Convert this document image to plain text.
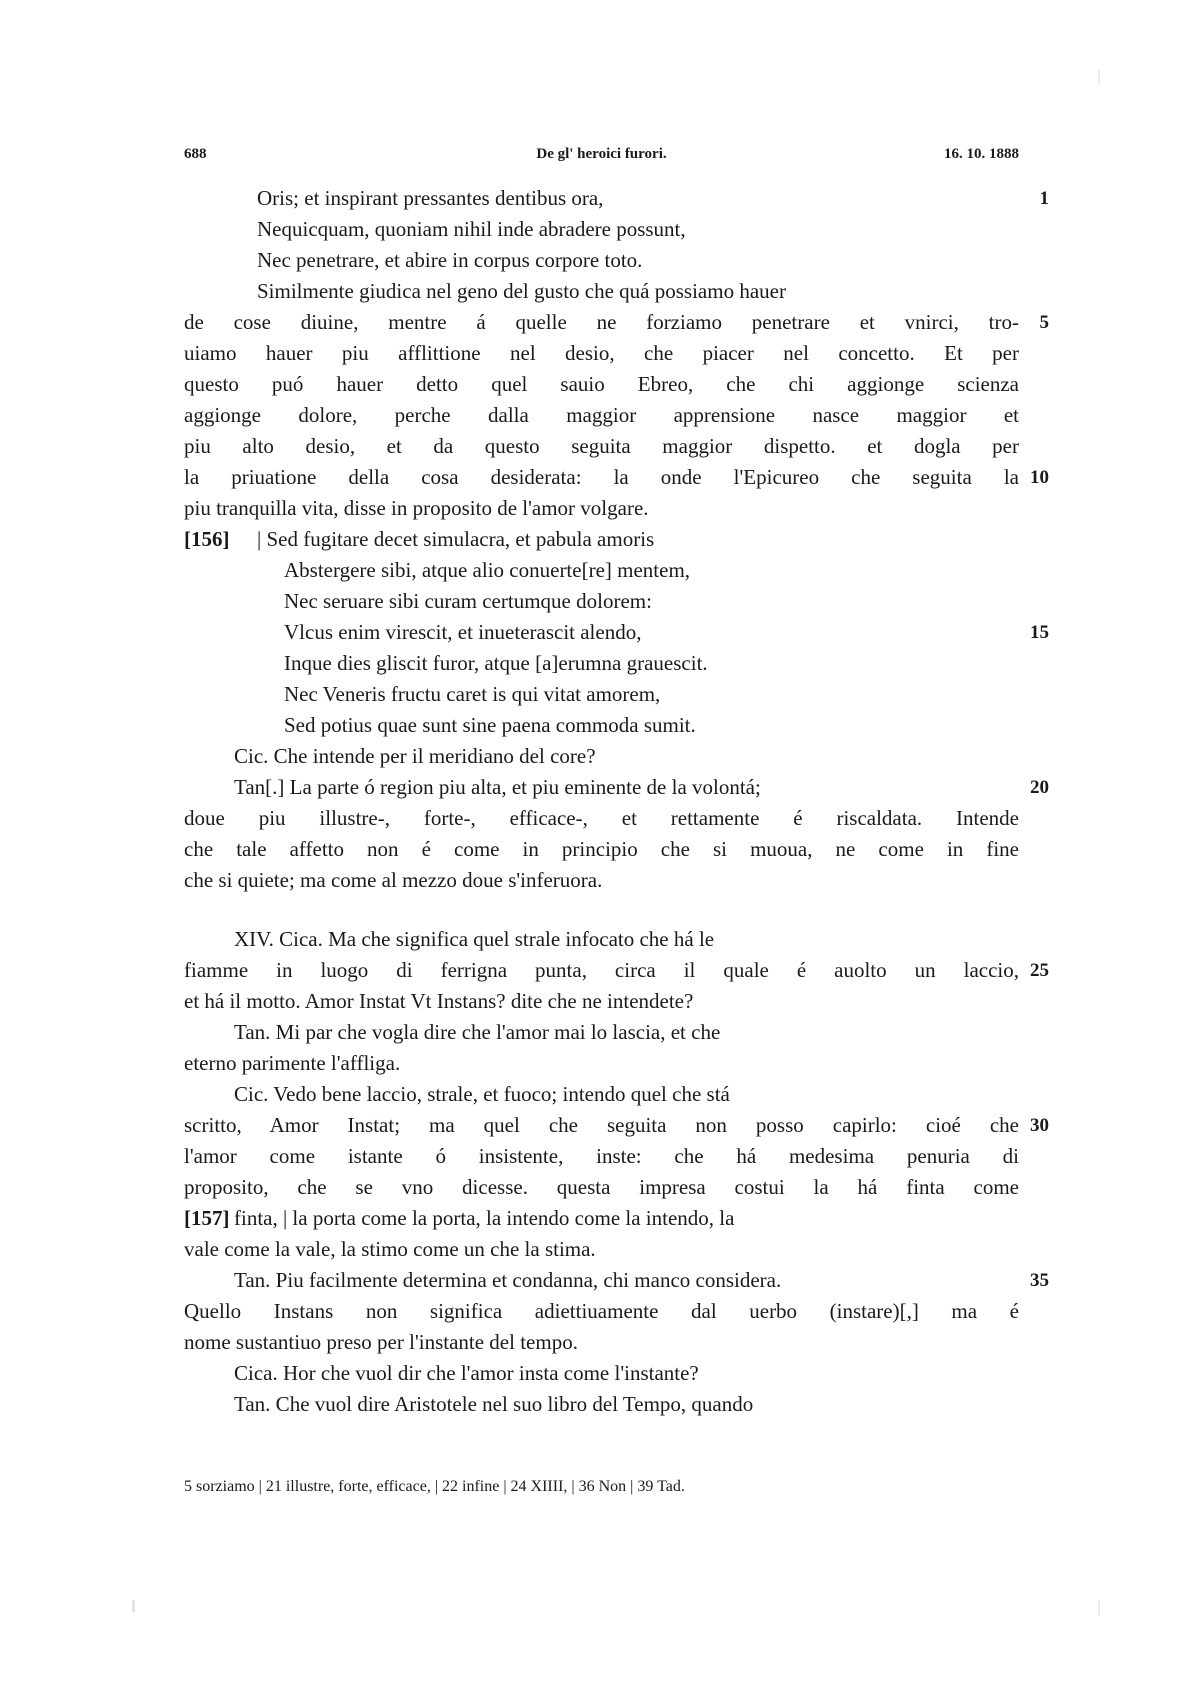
688	De gl' heroici furori.	16. 10. 1888
Oris; et inspirant pressantes dentibus ora,	1
Nequicquam, quoniam nihil inde abradere possunt,
Nec penetrare, et abire in corpus corpore toto.
Similmente giudica nel geno del gusto che quá possiamo hauer
de cose diuine, mentre á quelle ne forziamo penetrare et vnirci, tro- 5
uiamo hauer piu afflittione nel desio, che piacer nel concetto. Et per
questo puó hauer detto quel sauio Ebreo, che chi aggionge scienza
aggionge dolore, perche dalla maggior apprensione nasce maggior et
piu alto desio, et da questo seguita maggior dispetto. et dogla per
la priuatione della cosa desiderata: la onde l'Epicureo che seguita la 10
piu tranquilla vita, disse in proposito de l'amor volgare.
[156] | Sed fugitare decet simulacra, et pabula amoris
Abstergere sibi, atque alio conuerte[re] mentem,
Nec seruare sibi curam certumque dolorem:
Vlcus enim virescit, et inueterascit alendo,	15
Inque dies gliscit furor, atque [a]erumna grauescit.
Nec Veneris fructu caret is qui vitat amorem,
Sed potius quae sunt sine paena commoda sumit.
Cic. Che intende per il meridiano del core?
Tan[.] La parte ó region piu alta, et piu eminente de la volontá;	20
doue piu illustre-, forte-, efficace-, et rettamente é riscaldata. Intende
che tale affetto non é come in principio che si muoua, ne come in fine
che si quiete; ma come al mezzo doue s'inferuora.
XIV. Cica. Ma che significa quel strale infocato che há le
fiamme in luogo di ferrigna punta, circa il quale é auolto un laccio, 25
et há il motto. Amor Instat Vt Instans? dite che ne intendete?
Tan. Mi par che vogla dire che l'amor mai lo lascia, et che
eterno parimente l'affliga.
Cic. Vedo bene laccio, strale, et fuoco; intendo quel che stá
scritto, Amor Instat; ma quel che seguita non posso capirlo: cioé che 30
l'amor come istante ó insistente, inste: che há medesima penuria di
proposito, che se vno dicesse. questa impresa costui la há finta come
[157] finta, | la porta come la porta, la intendo come la intendo, la
vale come la vale, la stimo come un che la stima.
Tan. Piu facilmente determina et condanna, chi manco considera.	35
Quello Instans non significa adiettiuamente dal uerbo (instare)[,] ma é
nome sustantiuo preso per l'instante del tempo.
Cica. Hor che vuol dir che l'amor insta come l'instante?
Tan. Che vuol dire Aristotele nel suo libro del Tempo, quando
5 sorziamo | 21 illustre, forte, efficace, | 22 infine | 24 XIIII, | 36 Non | 39 Tad.
